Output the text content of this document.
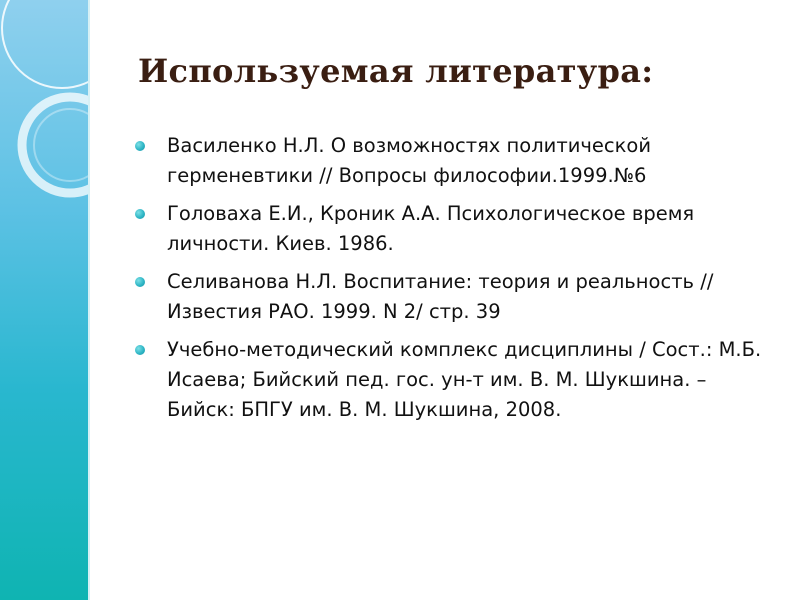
Используемая литература:
Василенко Н.Л. О возможностях политической герменевтики // Вопросы философии.1999.№6
Головаха Е.И., Кроник А.А. Психологическое время личности. Киев. 1986.
Селиванова Н.Л. Воспитание: теория и реальность // Известия РАО. 1999. N 2/ стр. 39
Учебно-методический комплекс дисциплины / Сост.: М.Б. Исаева; Бийский пед. гос. ун-т им. В. М. Шукшина. – Бийск: БПГУ им. В. М. Шукшина, 2008.
